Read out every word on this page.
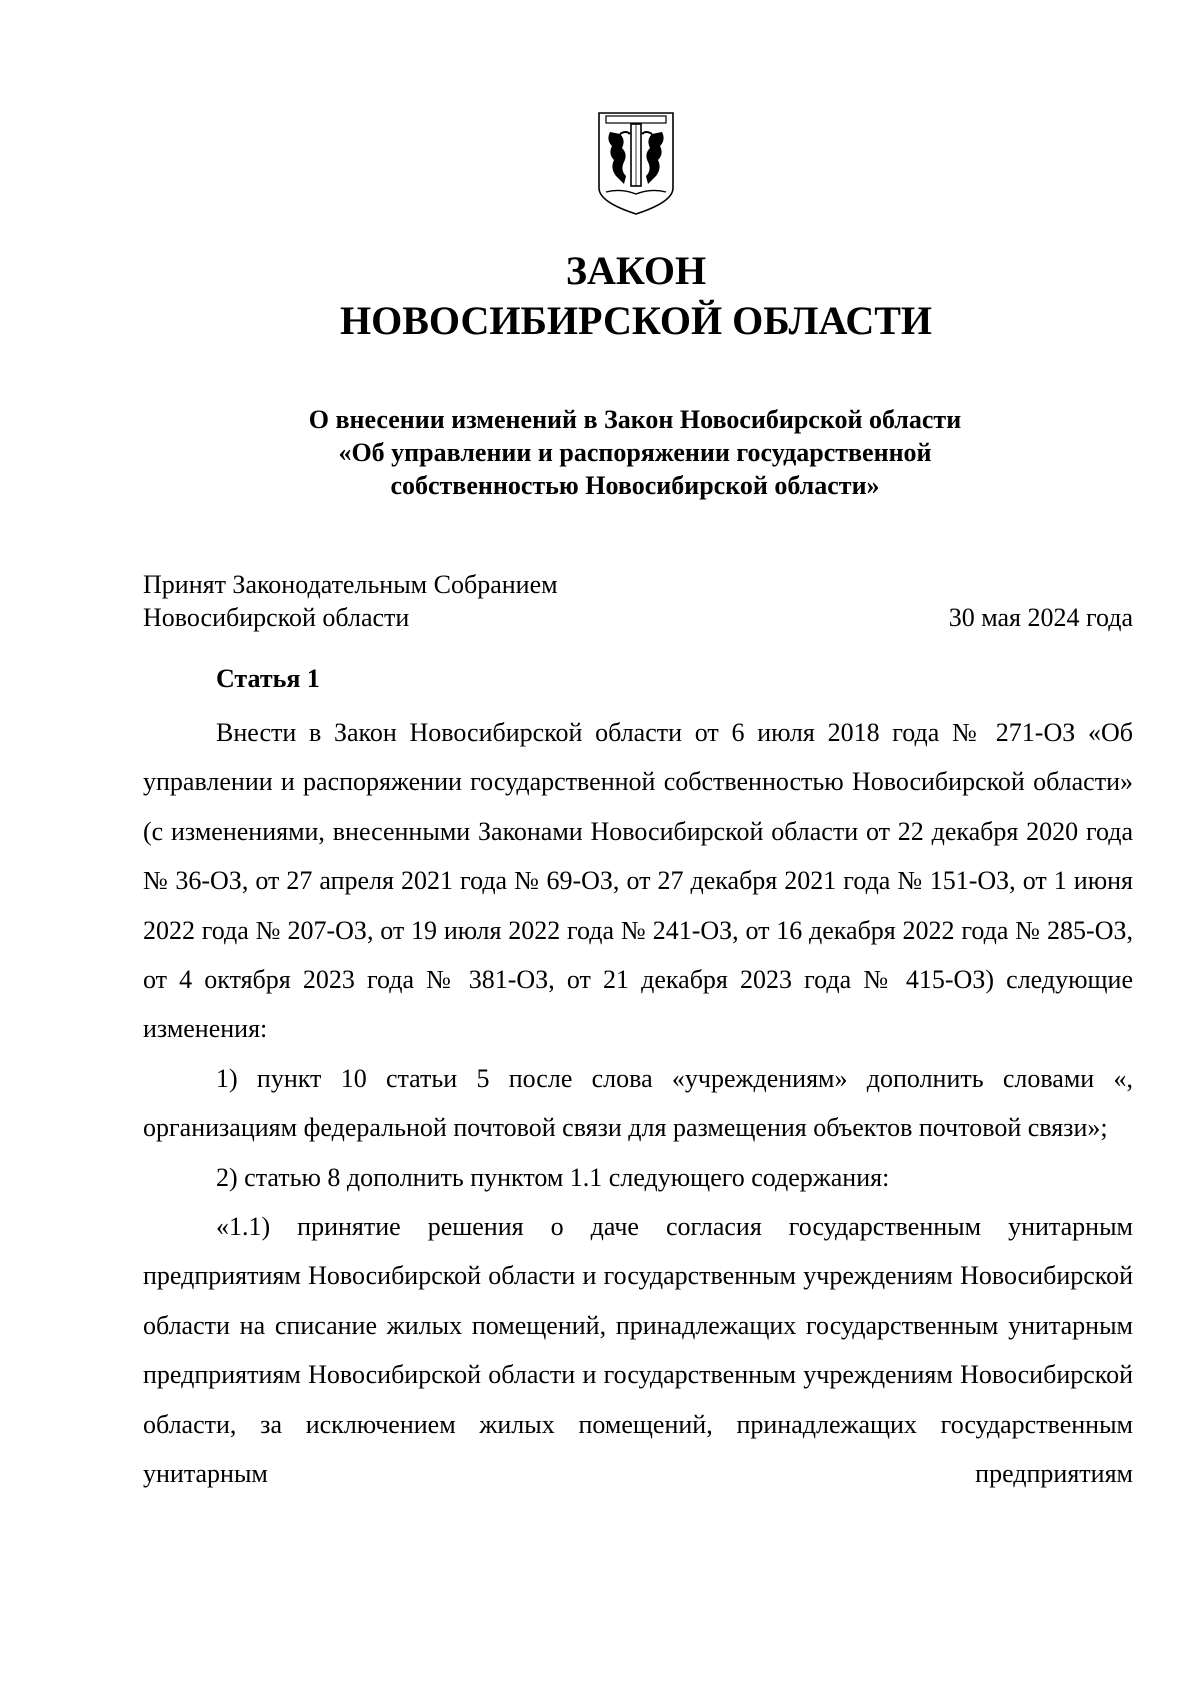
ЗАКОН
НОВОСИБИРСКОЙ ОБЛАСТИ
О внесении изменений в Закон Новосибирской области
«Об управлении и распоряжении государственной
собственностью Новосибирской области»
Принят Законодательным Собранием
Новосибирской области	30 мая 2024 года
Статья 1

Внести в Закон Новосибирской области от 6 июля 2018 года № 271-ОЗ «Об управлении и распоряжении государственной собственностью Новосибирской области» (с изменениями, внесенными Законами Новосибирской области от 22 декабря 2020 года № 36-ОЗ, от 27 апреля 2021 года № 69-ОЗ, от 27 декабря 2021 года № 151-ОЗ, от 1 июня 2022 года № 207-ОЗ, от 19 июля 2022 года № 241-ОЗ, от 16 декабря 2022 года № 285-ОЗ, от 4 октября 2023 года № 381-ОЗ, от 21 декабря 2023 года № 415-ОЗ) следующие изменения:

1) пункт 10 статьи 5 после слова «учреждениям» дополнить словами «, организациям федеральной почтовой связи для размещения объектов почтовой связи»;

2) статью 8 дополнить пунктом 1.1 следующего содержания:

«1.1) принятие решения о даче согласия государственным унитарным предприятиям Новосибирской области и государственным учреждениям Новосибирской области на списание жилых помещений, принадлежащих государственным унитарным предприятиям Новосибирской области и государственным учреждениям Новосибирской области, за исключением жилых помещений, принадлежащих государственным унитарным предприятиям
